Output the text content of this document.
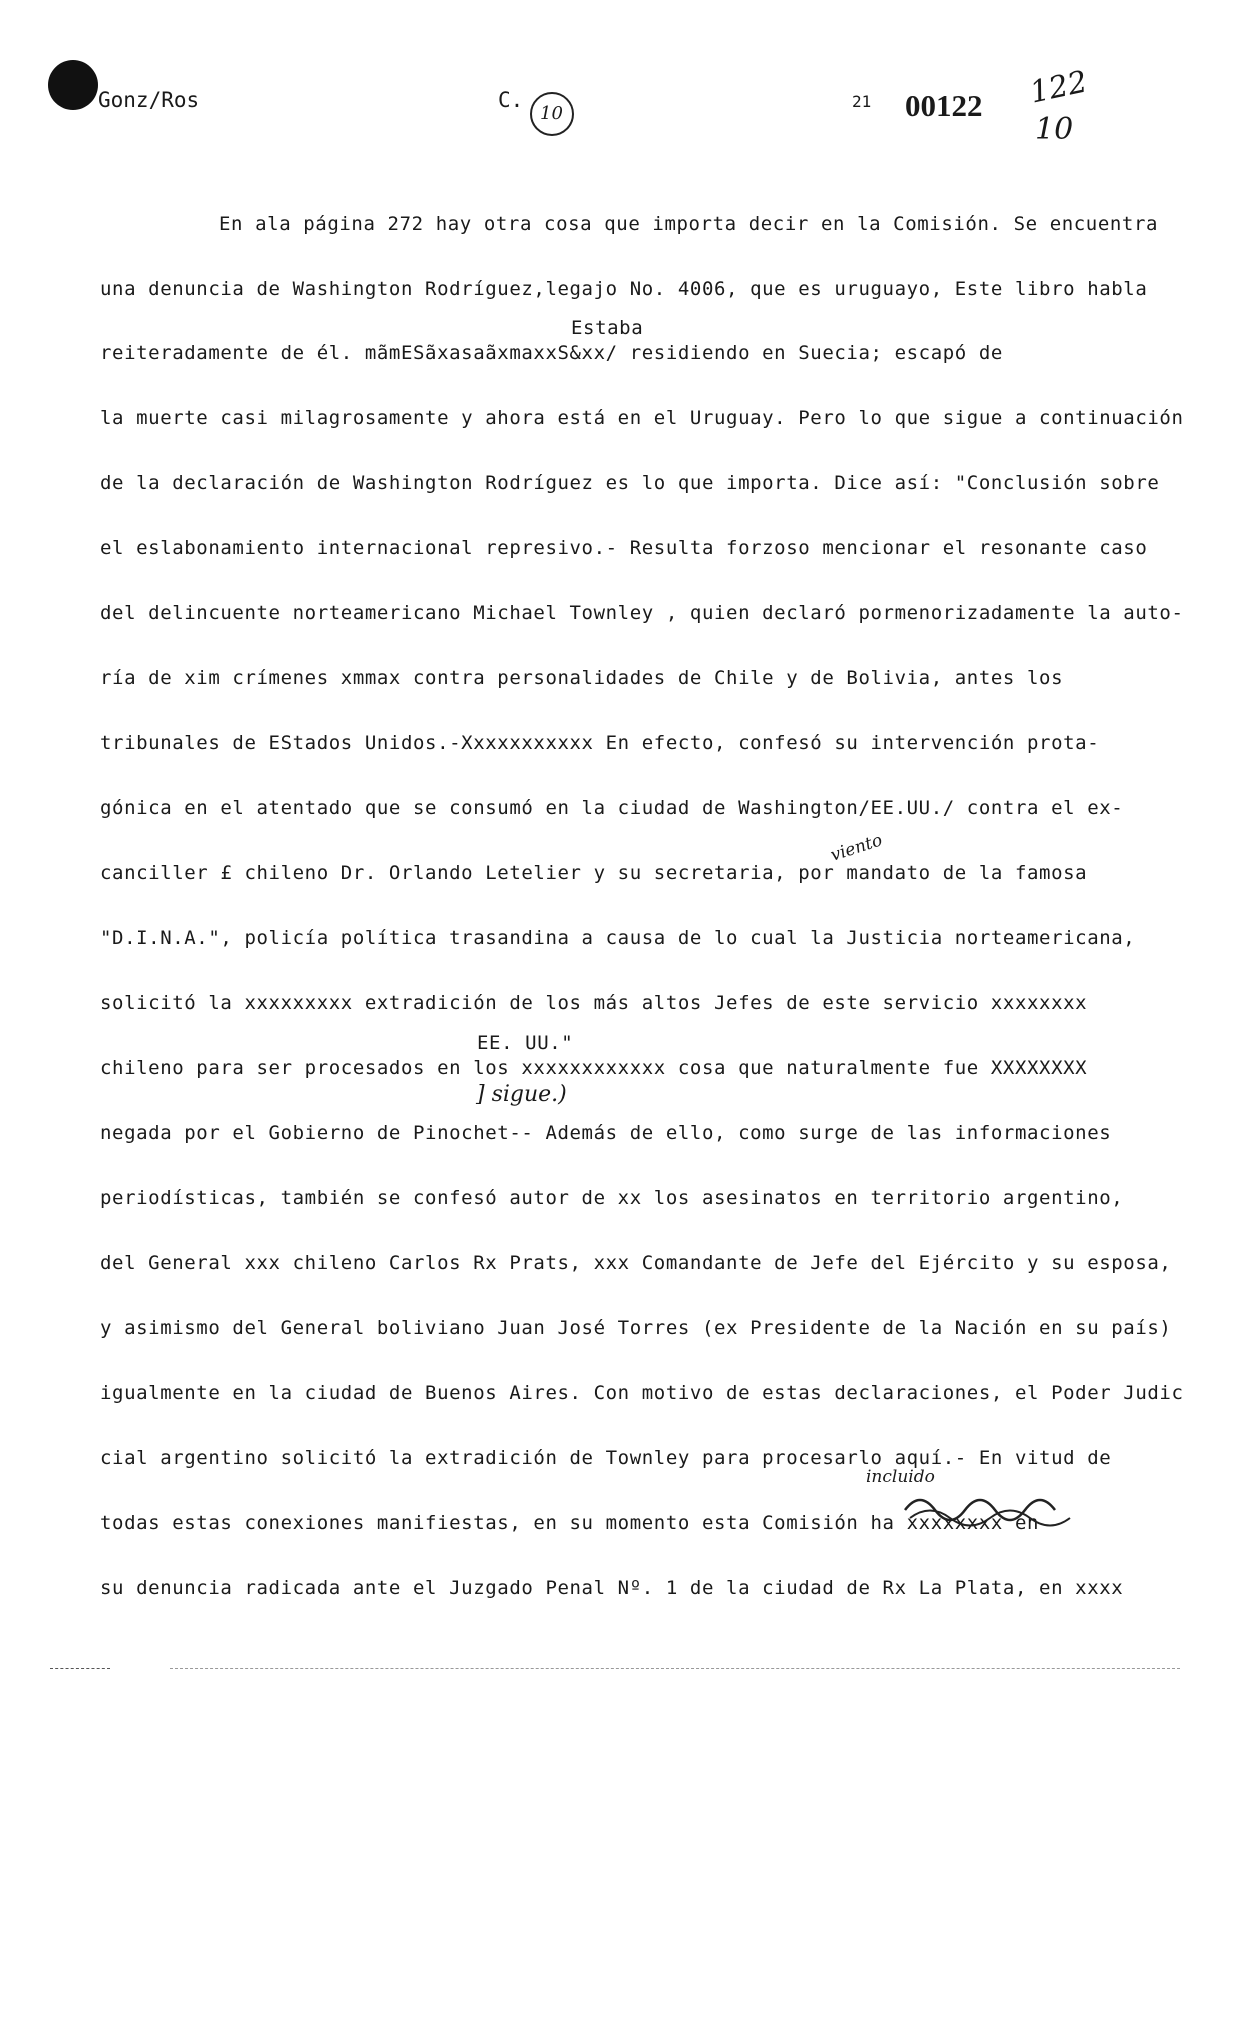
Gonz/Ros	C.
10
21 00122 122
10
En ala página 272 hay otra cosa que importa decir en la Comisión. Se encuentra
una denuncia de Washington Rodríguez,legajo No. 4006, que es uruguayo, Este libro habla
Estaba
reiteradamente de él. mãmESãxasaãxmaxxS&xx/ residiendo en Suecia; escapó de
la muerte casi milagrosamente y ahora está en el Uruguay. Pero lo que sigue a continuación
de la declaración de Washington Rodríguez es lo que importa. Dice así: "Conclusión sobre
el eslabonamiento internacional represivo.- Resulta forzoso mencionar el resonante caso
del delincuente norteamericano Michael Townley , quien declaró pormenorizadamente la auto-
ría de xim crímenes xmmax contra personalidades de Chile y de Bolivia, antes los
tribunales de EStados Unidos.-Xxxxxxxxxxx En efecto, confesó su intervención prota-
gónica en el atentado que se consumó en la ciudad de Washington/EE.UU./ contra el ex-
viento
canciller £ chileno Dr. Orlando Letelier y su secretaria, por mandato de la famosa
"D.I.N.A.", policía política trasandina a causa de lo cual la Justicia norteamericana,
solicitó la xxxxxxxxx extradición de los más altos Jefes de este servicio xxxxxxxx
EE. UU."
chileno para ser procesados en los xxxxxxxxxxxx cosa que naturalmente fue XXXXXXXX
] sigue.)
negada por el Gobierno de Pinochet-- Además de ello, como surge de las informaciones
periodísticas, también se confesó autor de xx los asesinatos en territorio argentino,
del General xxx chileno Carlos Rx Prats, xxx Comandante de Jefe del Ejército y su esposa,
y asimismo del General boliviano Juan José Torres (ex Presidente de la Nación en su país)
igualmente en la ciudad de Buenos Aires. Con motivo de estas declaraciones, el Poder Judic
cial argentino solicitó la extradición de Townley para procesarlo aquí.- En vitud de
incluido
todas estas conexiones manifiestas, en su momento esta Comisión ha xxxxxxxx en
su denuncia radicada ante el Juzgado Penal Nº. 1 de la ciudad de Rx La Plata, en xxxx
